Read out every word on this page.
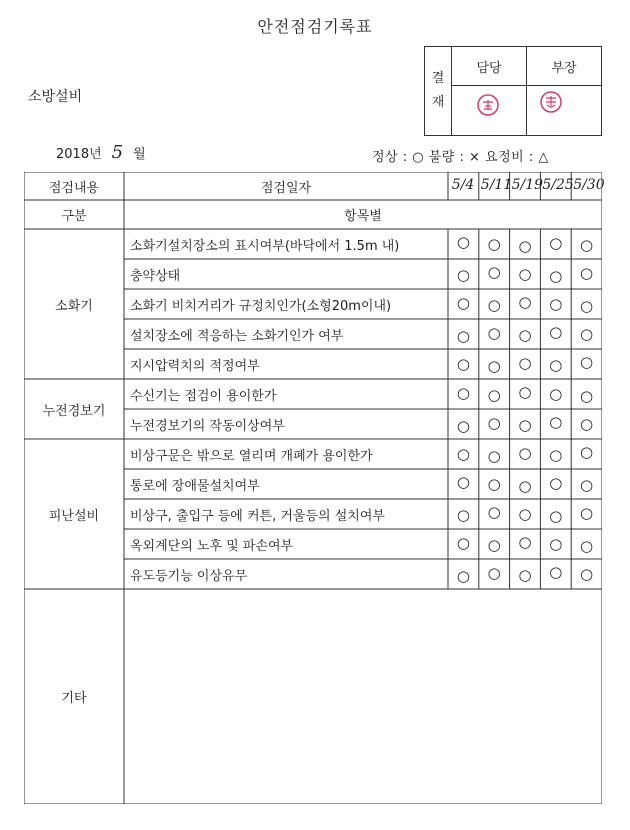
안전점검기록표
소방설비
결
재
담당	부장
2018년 5 월	정상 : ○ 불량 : × 요정비 : △
점검내용	점검일자	5/4 5/11 5/19 5/25 5/30
구분	항목별
소화기설치장소의 표시여부(바닥에서 1.5m 내)	○	○	○	○	○
충약상태	○	○	○	○	○
소화기 비치거리가 규정치인가(소형20m이내)	○	○	○	○	○
설치장소에 적응하는 소화기인가 여부	○	○	○	○	○
지시압력치의 적정여부	○	○	○	○	○
소화기
수신기는 점검이 용이한가	○	○	○	○	○
누전경보기의 작동이상여부	○	○	○	○	○
누전경보기
비상구문은 밖으로 열리며 개폐가 용이한가	○	○	○	○	○
통로에 장애물설치여부	○	○	○	○	○
비상구, 출입구 등에 커튼, 거울등의 설치여부	○	○	○	○	○
옥외계단의 노후 및 파손여부	○	○	○	○	○
유도등기능 이상유무	○	○	○	○	○
피난설비
기타
